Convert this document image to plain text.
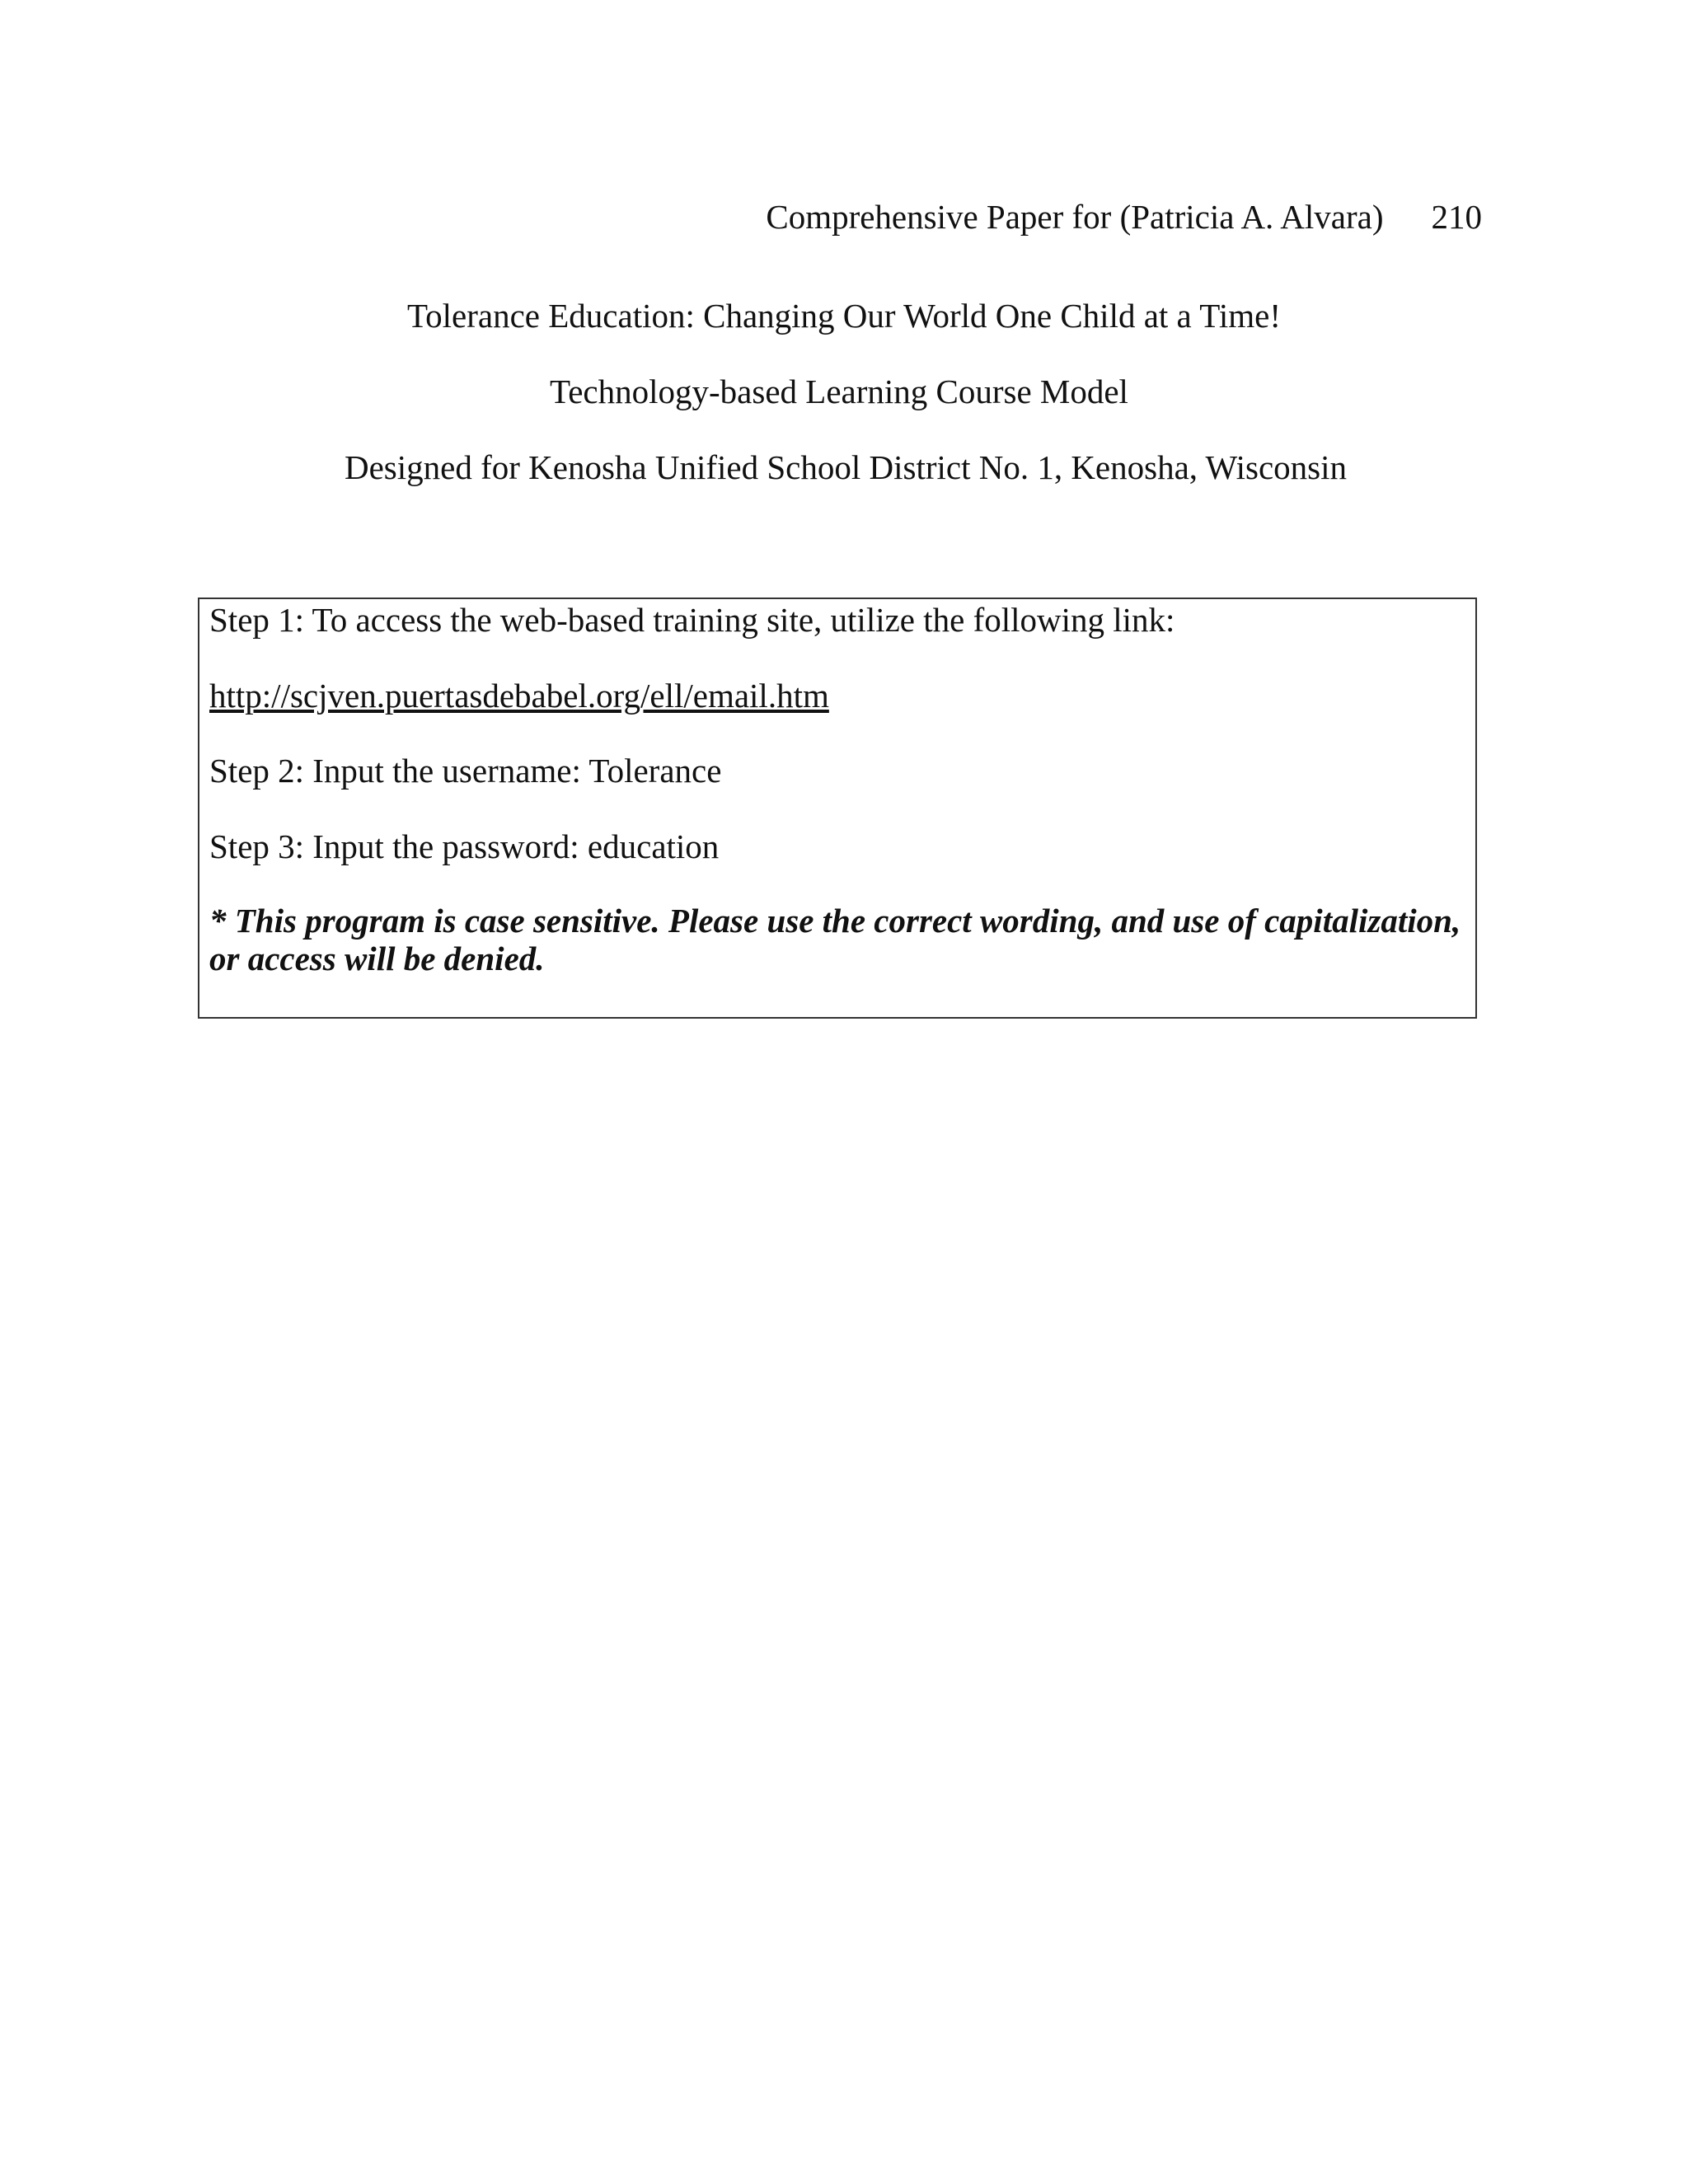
Comprehensive Paper for (Patricia A. Alvara) 210
Tolerance Education: Changing Our World One Child at a Time!
Technology-based Learning Course Model
Designed for Kenosha Unified School District No. 1, Kenosha, Wisconsin
Step 1: To access the web-based training site, utilize the following link:
http://scjven.puertasdebabel.org/ell/email.htm
Step 2: Input the username: Tolerance
Step 3: Input the password: education
* This program is case sensitive. Please use the correct wording, and use of capitalization, or access will be denied.
